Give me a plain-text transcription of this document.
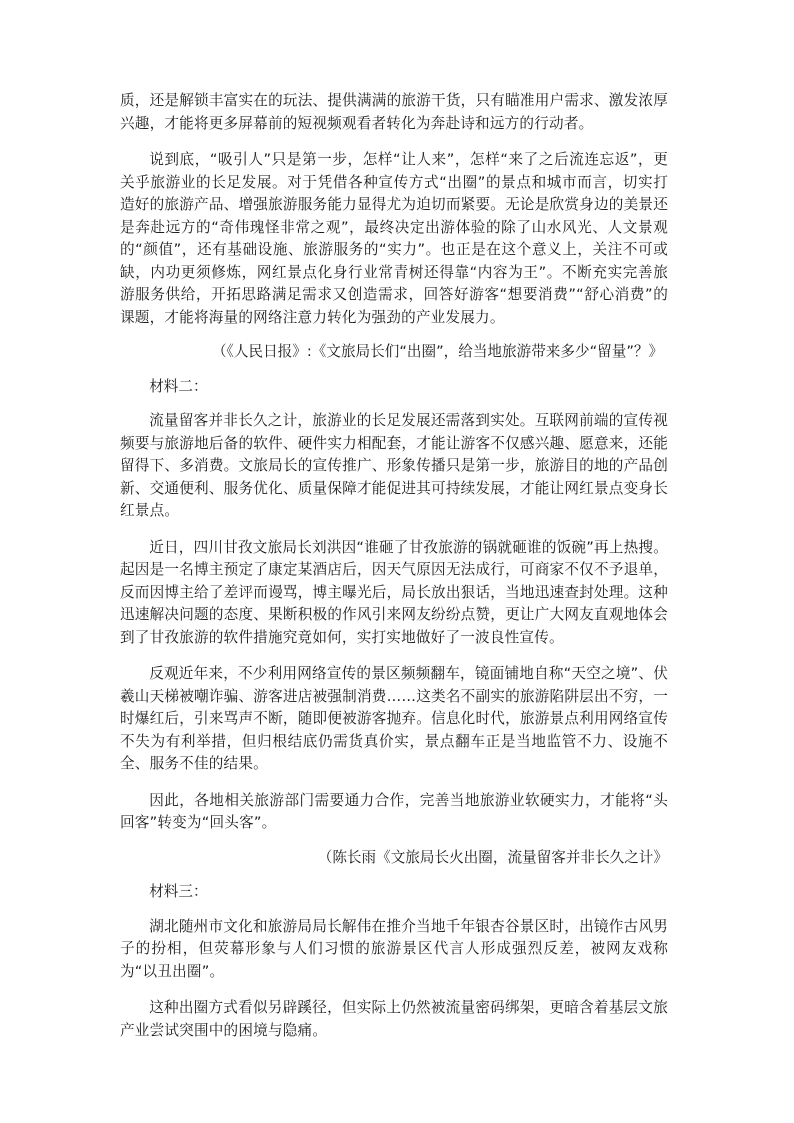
质，还是解锁丰富实在的玩法、提供满满的旅游干货，只有瞄准用户需求、激发浓厚兴趣，才能将更多屏幕前的短视频观看者转化为奔赴诗和远方的行动者。

说到底，“吸引人”只是第一步，怎样“让人来”，怎样“来了之后流连忘返”，更关乎旅游业的长足发展。对于凭借各种宣传方式“出圈”的景点和城市而言，切实打造好的旅游产品、增强旅游服务能力显得尤为迫切而紧要。无论是欣赏身边的美景还是奔赴远方的“奇伟瑰怪非常之观”，最终决定出游体验的除了山水风光、人文景观的“颜值”，还有基础设施、旅游服务的“实力”。也正是在这个意义上，关注不可或缺，内功更须修炼，网红景点化身行业常青树还得靠“内容为王”。不断充实完善旅游服务供给，开拓思路满足需求又创造需求，回答好游客“想要消费”“舒心消费”的课题，才能将海量的网络注意力转化为强劲的产业发展力。

（《人民日报》:《文旅局长们“出圈”，给当地旅游带来多少“留量”？》

材料二：

流量留客并非长久之计，旅游业的长足发展还需落到实处。互联网前端的宣传视频要与旅游地后备的软件、硬件实力相配套，才能让游客不仅感兴趣、愿意来，还能留得下、多消费。文旅局长的宣传推广、形象传播只是第一步，旅游目的地的产品创新、交通便利、服务优化、质量保障才能促进其可持续发展，才能让网红景点变身长红景点。

近日，四川甘孜文旅局长刘洪因“谁砸了甘孜旅游的锅就砸谁的饭碗”再上热搜。起因是一名博主预定了康定某酒店后，因天气原因无法成行，可商家不仅不予退单，反而因博主给了差评而谩骂，博主曝光后，局长放出狠话，当地迅速查封处理。这种迅速解决问题的态度、果断积极的作风引来网友纷纷点赞，更让广大网友直观地体会到了甘孜旅游的软件措施究竟如何，实打实地做好了一波良性宣传。

反观近年来，不少利用网络宣传的景区频频翻车，镜面铺地自称“天空之境”、伏羲山天梯被嘲诈骗、游客进店被强制消费……这类名不副实的旅游陷阱层出不穷，一时爆红后，引来骂声不断，随即便被游客抛弃。信息化时代，旅游景点利用网络宣传不失为有利举措，但归根结底仍需货真价实，景点翻车正是当地监管不力、设施不全、服务不佳的结果。

因此，各地相关旅游部门需要通力合作，完善当地旅游业软硬实力，才能将“头回客”转变为“回头客”。

（陈长雨《文旅局长火出圈，流量留客并非长久之计》

材料三：

湖北随州市文化和旅游局局长解伟在推介当地千年银杏谷景区时，出镜作古风男子的扮相，但荧幕形象与人们习惯的旅游景区代言人形成强烈反差，被网友戏称为“以丑出圈”。

这种出圈方式看似另辟蹊径，但实际上仍然被流量密码绑架，更暗含着基层文旅产业尝试突围中的困境与隐痛。
